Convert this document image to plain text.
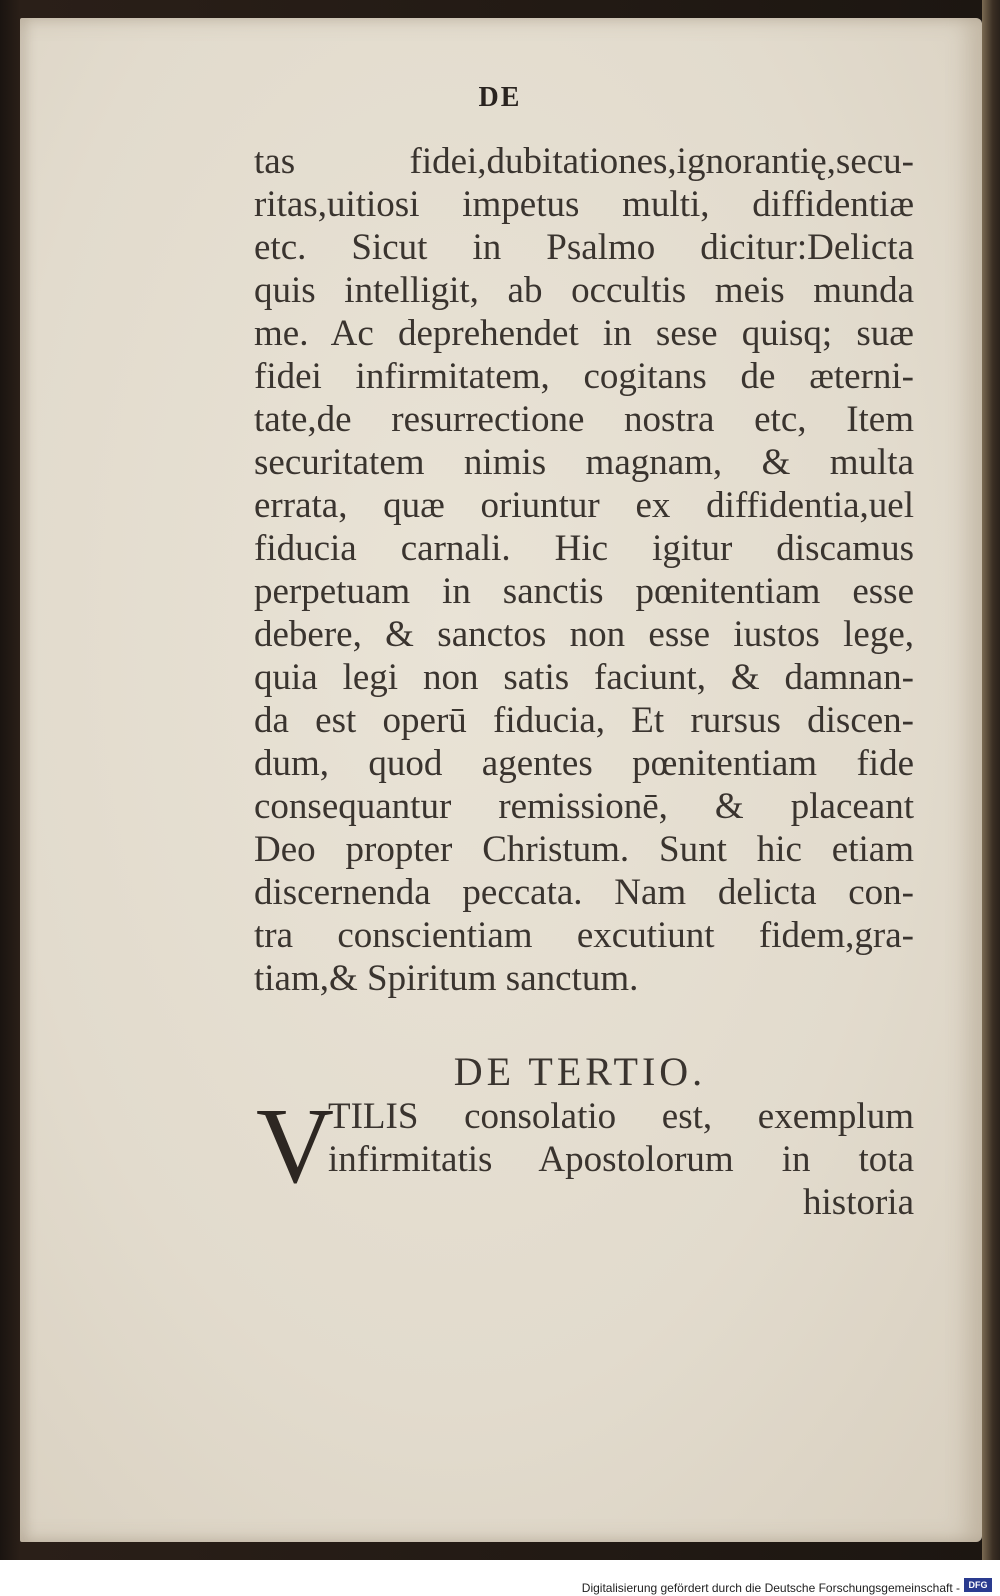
DE
tas fidei,dubitationes,ignorantię,secu-
ritas,uitiosi impetus multi, diffidentiæ
etc. Sicut in Psalmo dicitur:Delicta
quis intelligit, ab occultis meis munda
me. Ac deprehendet in sese quisq; suæ
fidei infirmitatem, cogitans de æterni-
tate,de resurrectione nostra etc, Item
securitatem nimis magnam, & multa
errata, quæ oriuntur ex diffidentia,uel
fiducia carnali. Hic igitur discamus
perpetuam in sanctis pœnitentiam esse
debere, & sanctos non esse iustos lege,
quia legi non satis faciunt, & damnan-
da est operū fiducia, Et rursus discen-
dum, quod agentes pœnitentiam fide
consequantur remissionē, & placeant
Deo propter Christum. Sunt hic etiam
discernenda peccata. Nam delicta con-
tra conscientiam excutiunt fidem,gra-
tiam,& Spiritum sanctum.
DE TERTIO.
V
TILIS consolatio est, exemplum
infirmitatis Apostolorum in tota
historia
Digitalisierung gefördert durch die Deutsche Forschungsgemeinschaft - DFG
